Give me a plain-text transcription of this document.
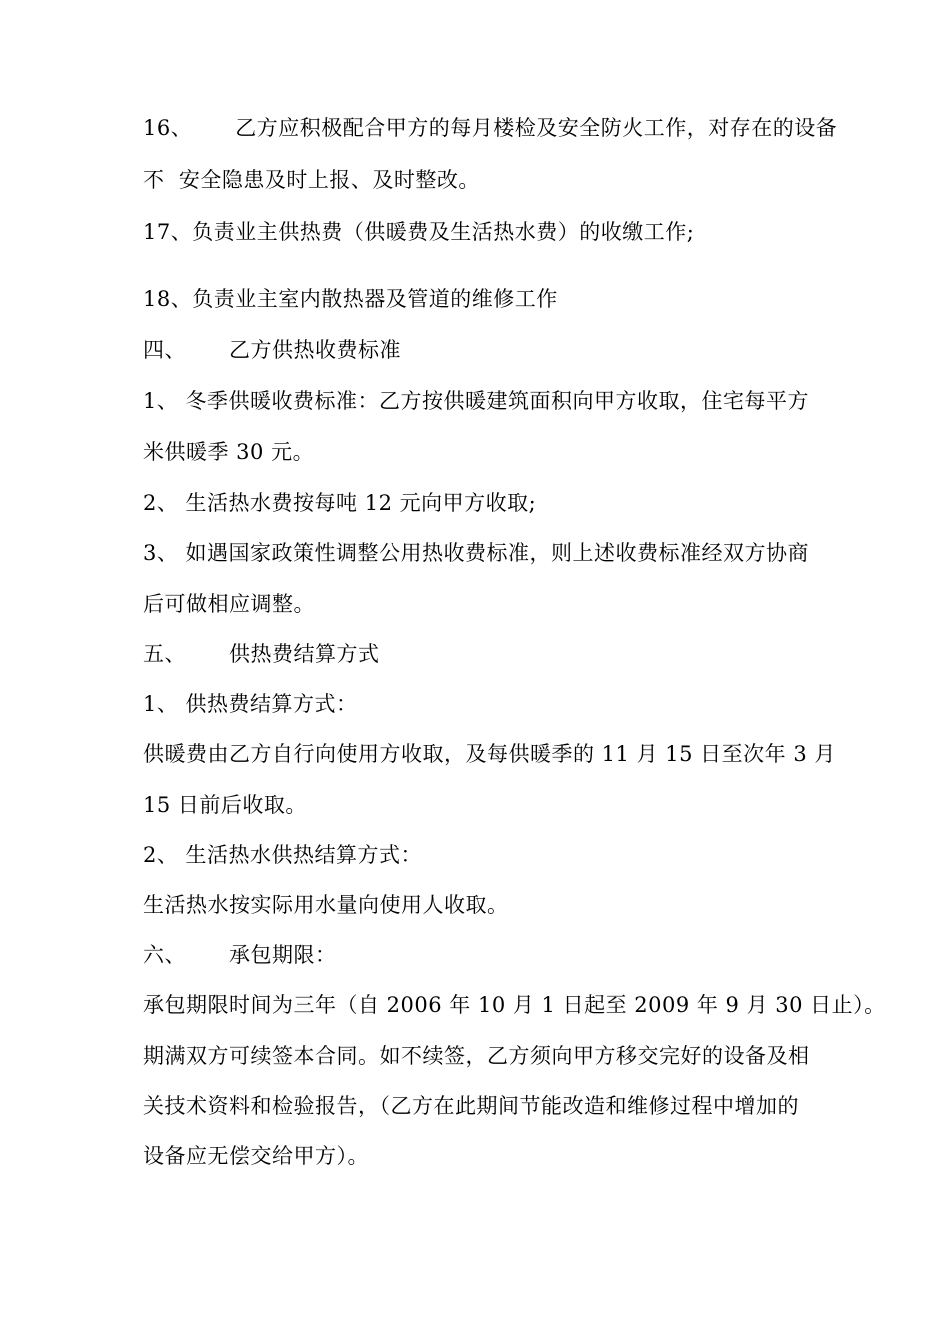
16、      乙方应积极配合甲方的每月楼检及安全防火工作，对存在的设备
不  安全隐患及时上报、及时整改。
17、负责业主供热费（供暖费及生活热水费）的收缴工作;
18、负责业主室内散热器及管道的维修工作
四、      乙方供热收费标准
1、 冬季供暖收费标准：乙方按供暖建筑面积向甲方收取，住宅每平方
米供暖季 30 元。
2、 生活热水费按每吨 12 元向甲方收取;
3、 如遇国家政策性调整公用热收费标准，则上述收费标准经双方协商
后可做相应调整。
五、      供热费结算方式
1、 供热费结算方式：
供暖费由乙方自行向使用方收取，及每供暖季的 11 月 15 日至次年 3 月
15 日前后收取。
2、 生活热水供热结算方式：
生活热水按实际用水量向使用人收取。
六、      承包期限：
承包期限时间为三年（自 2006 年 10 月 1 日起至 2009 年 9 月 30 日止）。
期满双方可续签本合同。如不续签，乙方须向甲方移交完好的设备及相
关技术资料和检验报告，（乙方在此期间节能改造和维修过程中增加的
设备应无偿交给甲方）。
